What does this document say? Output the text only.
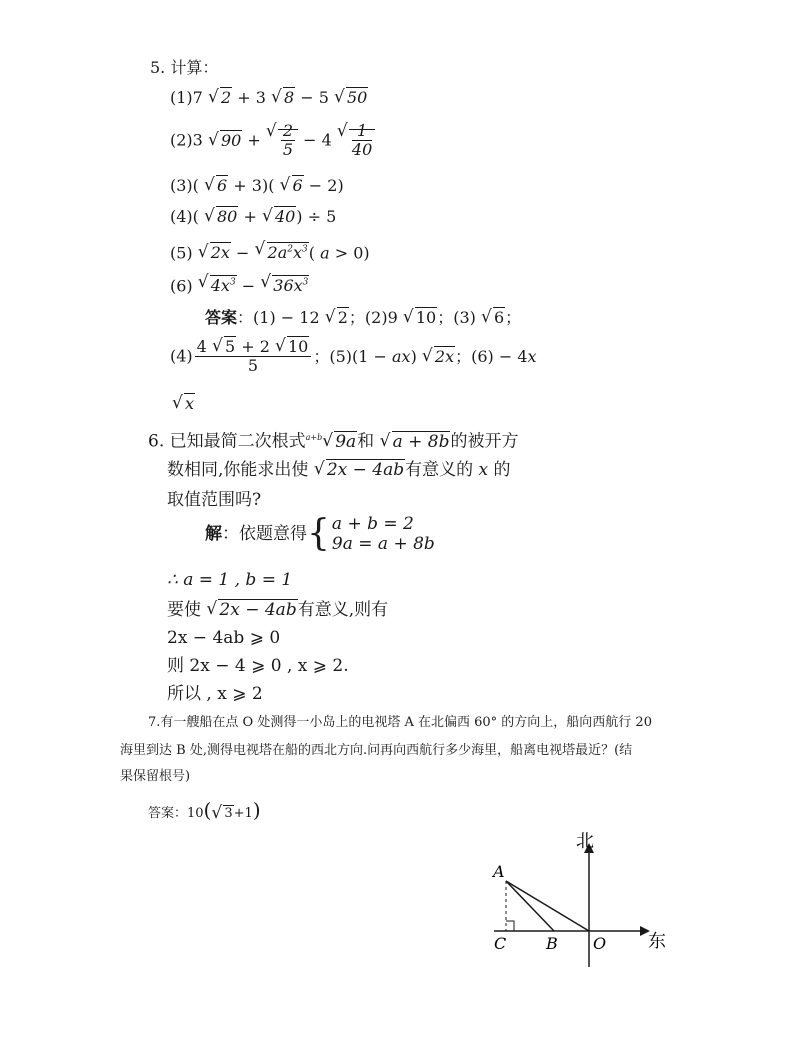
5. 计算：
(1)7 √ 2 + 3 √ 8 − 5 √ 50
(2)3 √ 90 + √ $\frac{2}{5} - 4$ √ $\frac{1}{40}$
(3)( √ 6 + 3)( √ 6 − 2)
(4)( √ 80 + √ 40) ÷ 5
(5) √ 2x − √ $2a^2x^3$( a > 0)
(6) √ $4x^3$ − √ $36x^3$
答案：(1) − 12 √ 2；(2)9 √ 10；(3) √ 6；
$(4) \frac{4 √ 5 + 2 √ 10}{5}$ ；(5)(1 − ax) √ 2x；(6) − 4x
√ x
6. 已知最简二次根式$^{a+b}$ √ 9a和 √ a + 8b的被开方
数相同,你能求出使 √ 2x − 4ab有意义的 x 的
取值范围吗?
解：依题意得{ a + b = 2
9a = a + 8b
∴ a = 1 , b = 1
要使 √ 2x − 4ab有意义,则有
2x − 4ab ⩾ 0
则 2x − 4 ⩾ 0 , x ⩾ 2.
所以 , x ⩾ 2
7.有一艘船在点 O 处测得一小岛上的电视塔 A 在北偏西 60° 的方向上，船向西航行 20
海里到达 B 处,测得电视塔在船的西北方向.问再向西航行多少海里，船离电视塔最近？(结
果保留根号)
答案：10( √ 3+1)
北
东
A
B
C	O
